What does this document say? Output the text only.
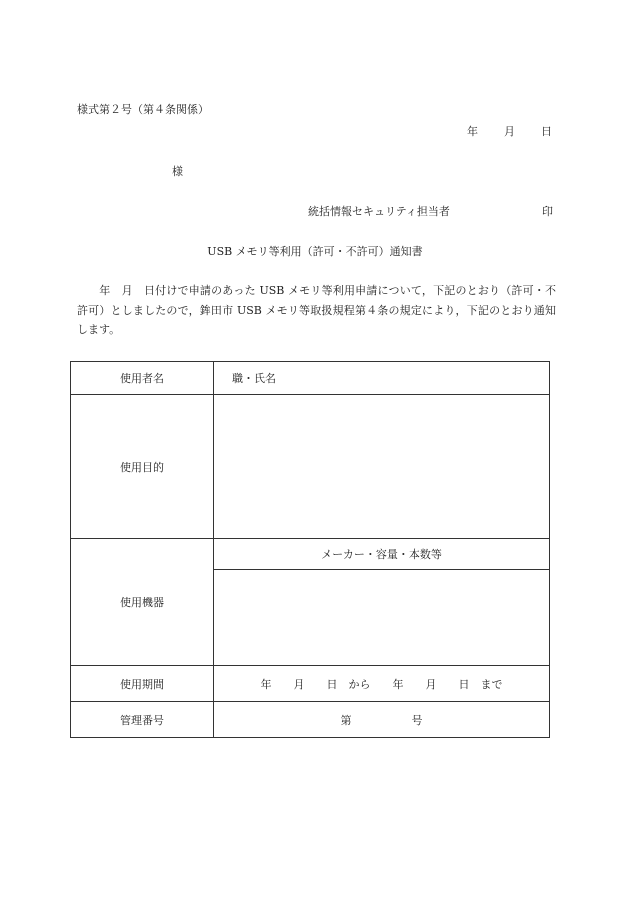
様式第２号（第４条関係）
年 月 日
様
統括情報セキュリティ担当者	印
USB メモリ等利用（許可・不許可）通知書
年　月　日付けで申請のあった USB メモリ等利用申請について，下記のとおり（許可・不許可）としましたので，鉾田市 USB メモリ等取扱規程第４条の規定により，下記のとおり通知します。
使用者名	職・氏名
使用目的	
使用機器	メーカー・容量・本数等

使用期間	年　　月　　日　から　　年　　月　　日　まで
管理番号	第 号
